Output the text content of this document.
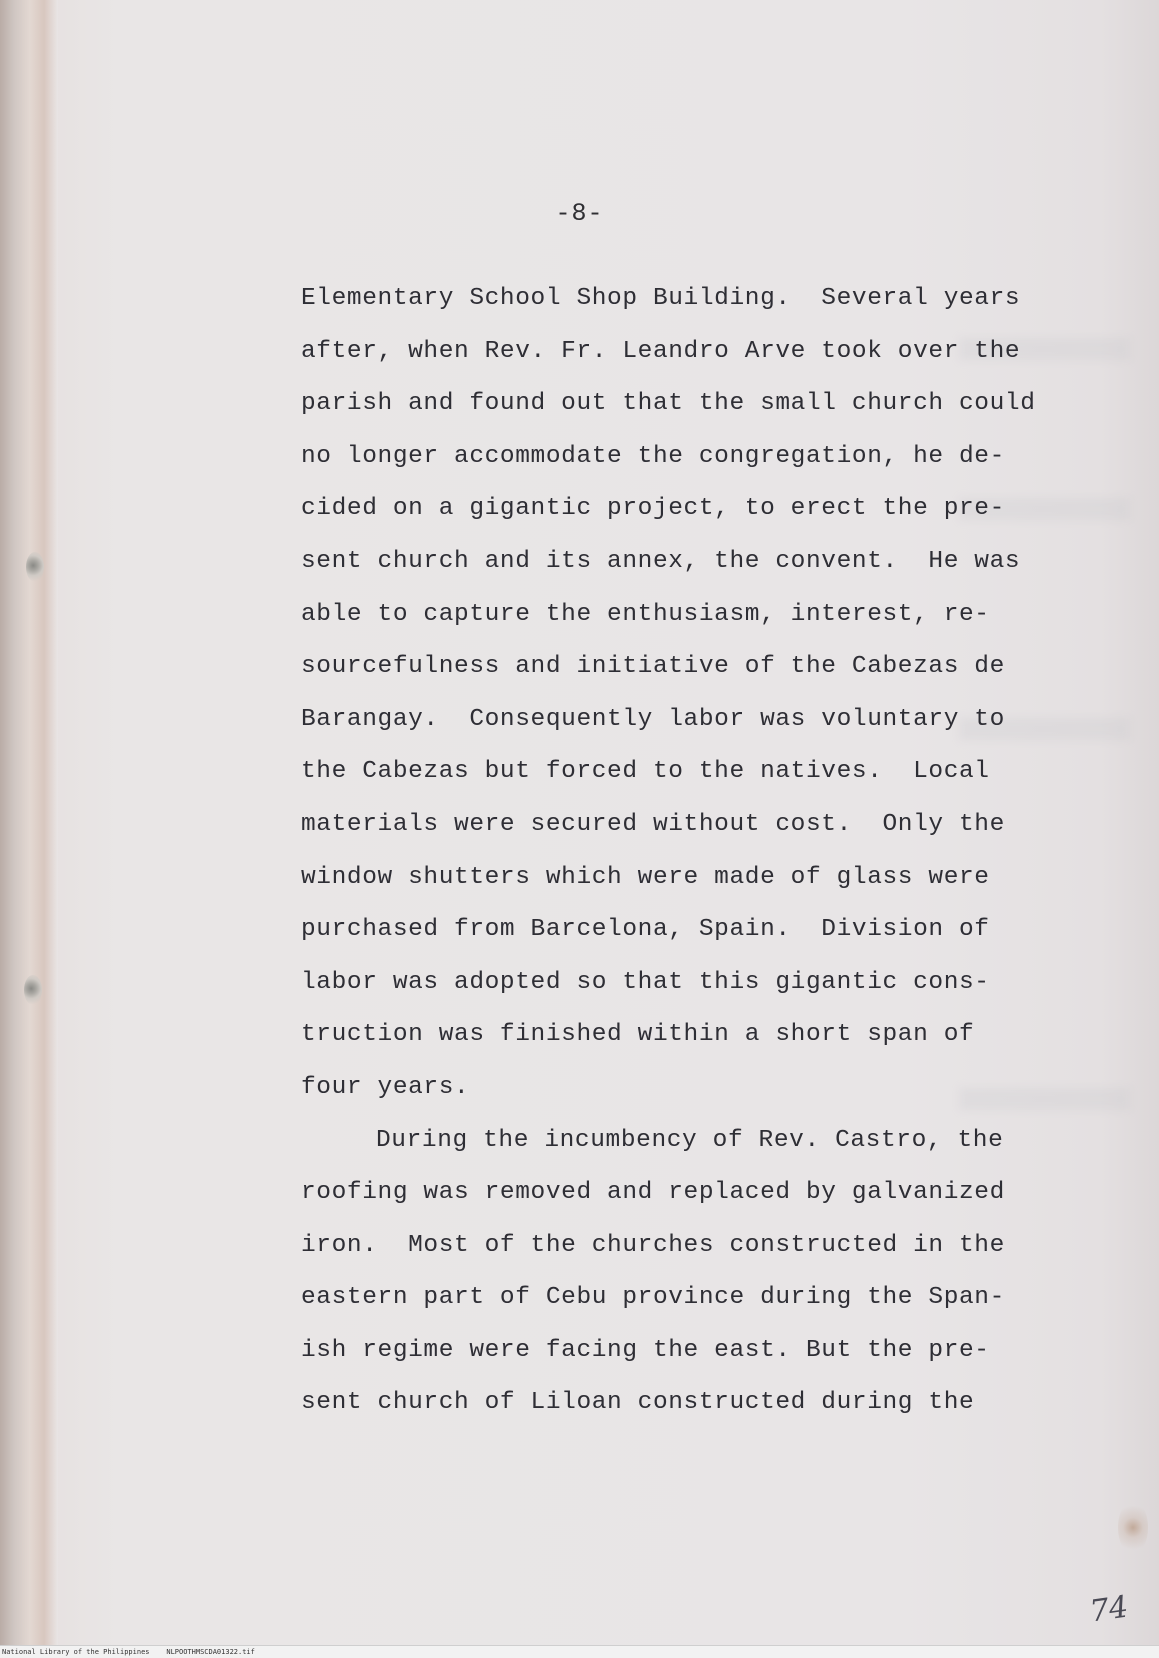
-8-
Elementary School Shop Building.  Several years
after, when Rev. Fr. Leandro Arve took over the
parish and found out that the small church could
no longer accommodate the congregation, he de-
cided on a gigantic project, to erect the pre-
sent church and its annex, the convent.  He was
able to capture the enthusiasm, interest, re-
sourcefulness and initiative of the Cabezas de
Barangay.  Consequently labor was voluntary to
the Cabezas but forced to the natives.  Local
materials were secured without cost.  Only the
window shutters which were made of glass were
purchased from Barcelona, Spain.  Division of
labor was adopted so that this gigantic cons-
truction was finished within a short span of
four years.
During the incumbency of Rev. Castro, the
roofing was removed and replaced by galvanized
iron.  Most of the churches constructed in the
eastern part of Cebu province during the Span-
ish regime were facing the east. But the pre-
sent church of Liloan constructed during the
74
National Library of the Philippines    NLPOOTHMSCDA01322.tif
